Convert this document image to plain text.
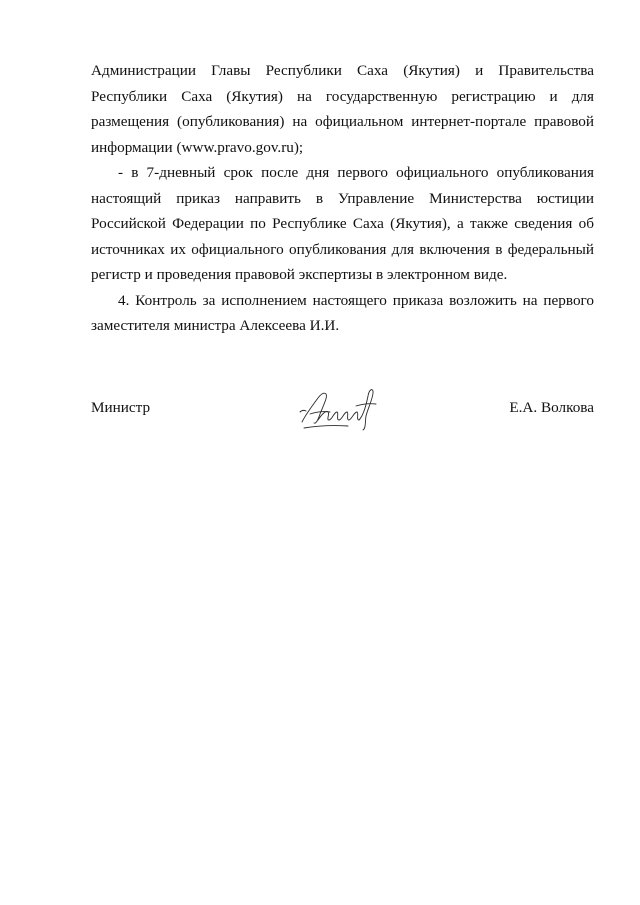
Администрации Главы Республики Саха (Якутия) и Правительства Республики Саха (Якутия) на государственную регистрацию и для размещения (опубликования) на официальном интернет-портале правовой информации (www.pravo.gov.ru);

- в 7-дневный срок после дня первого официального опубликования настоящий приказ направить в Управление Министерства юстиции Российской Федерации по Республике Саха (Якутия), а также сведения об источниках их официального опубликования для включения в федеральный регистр и проведения правовой экспертизы в электронном виде.

4. Контроль за исполнением настоящего приказа возложить на первого заместителя министра Алексеева И.И.

Министр	Е.А. Волкова
